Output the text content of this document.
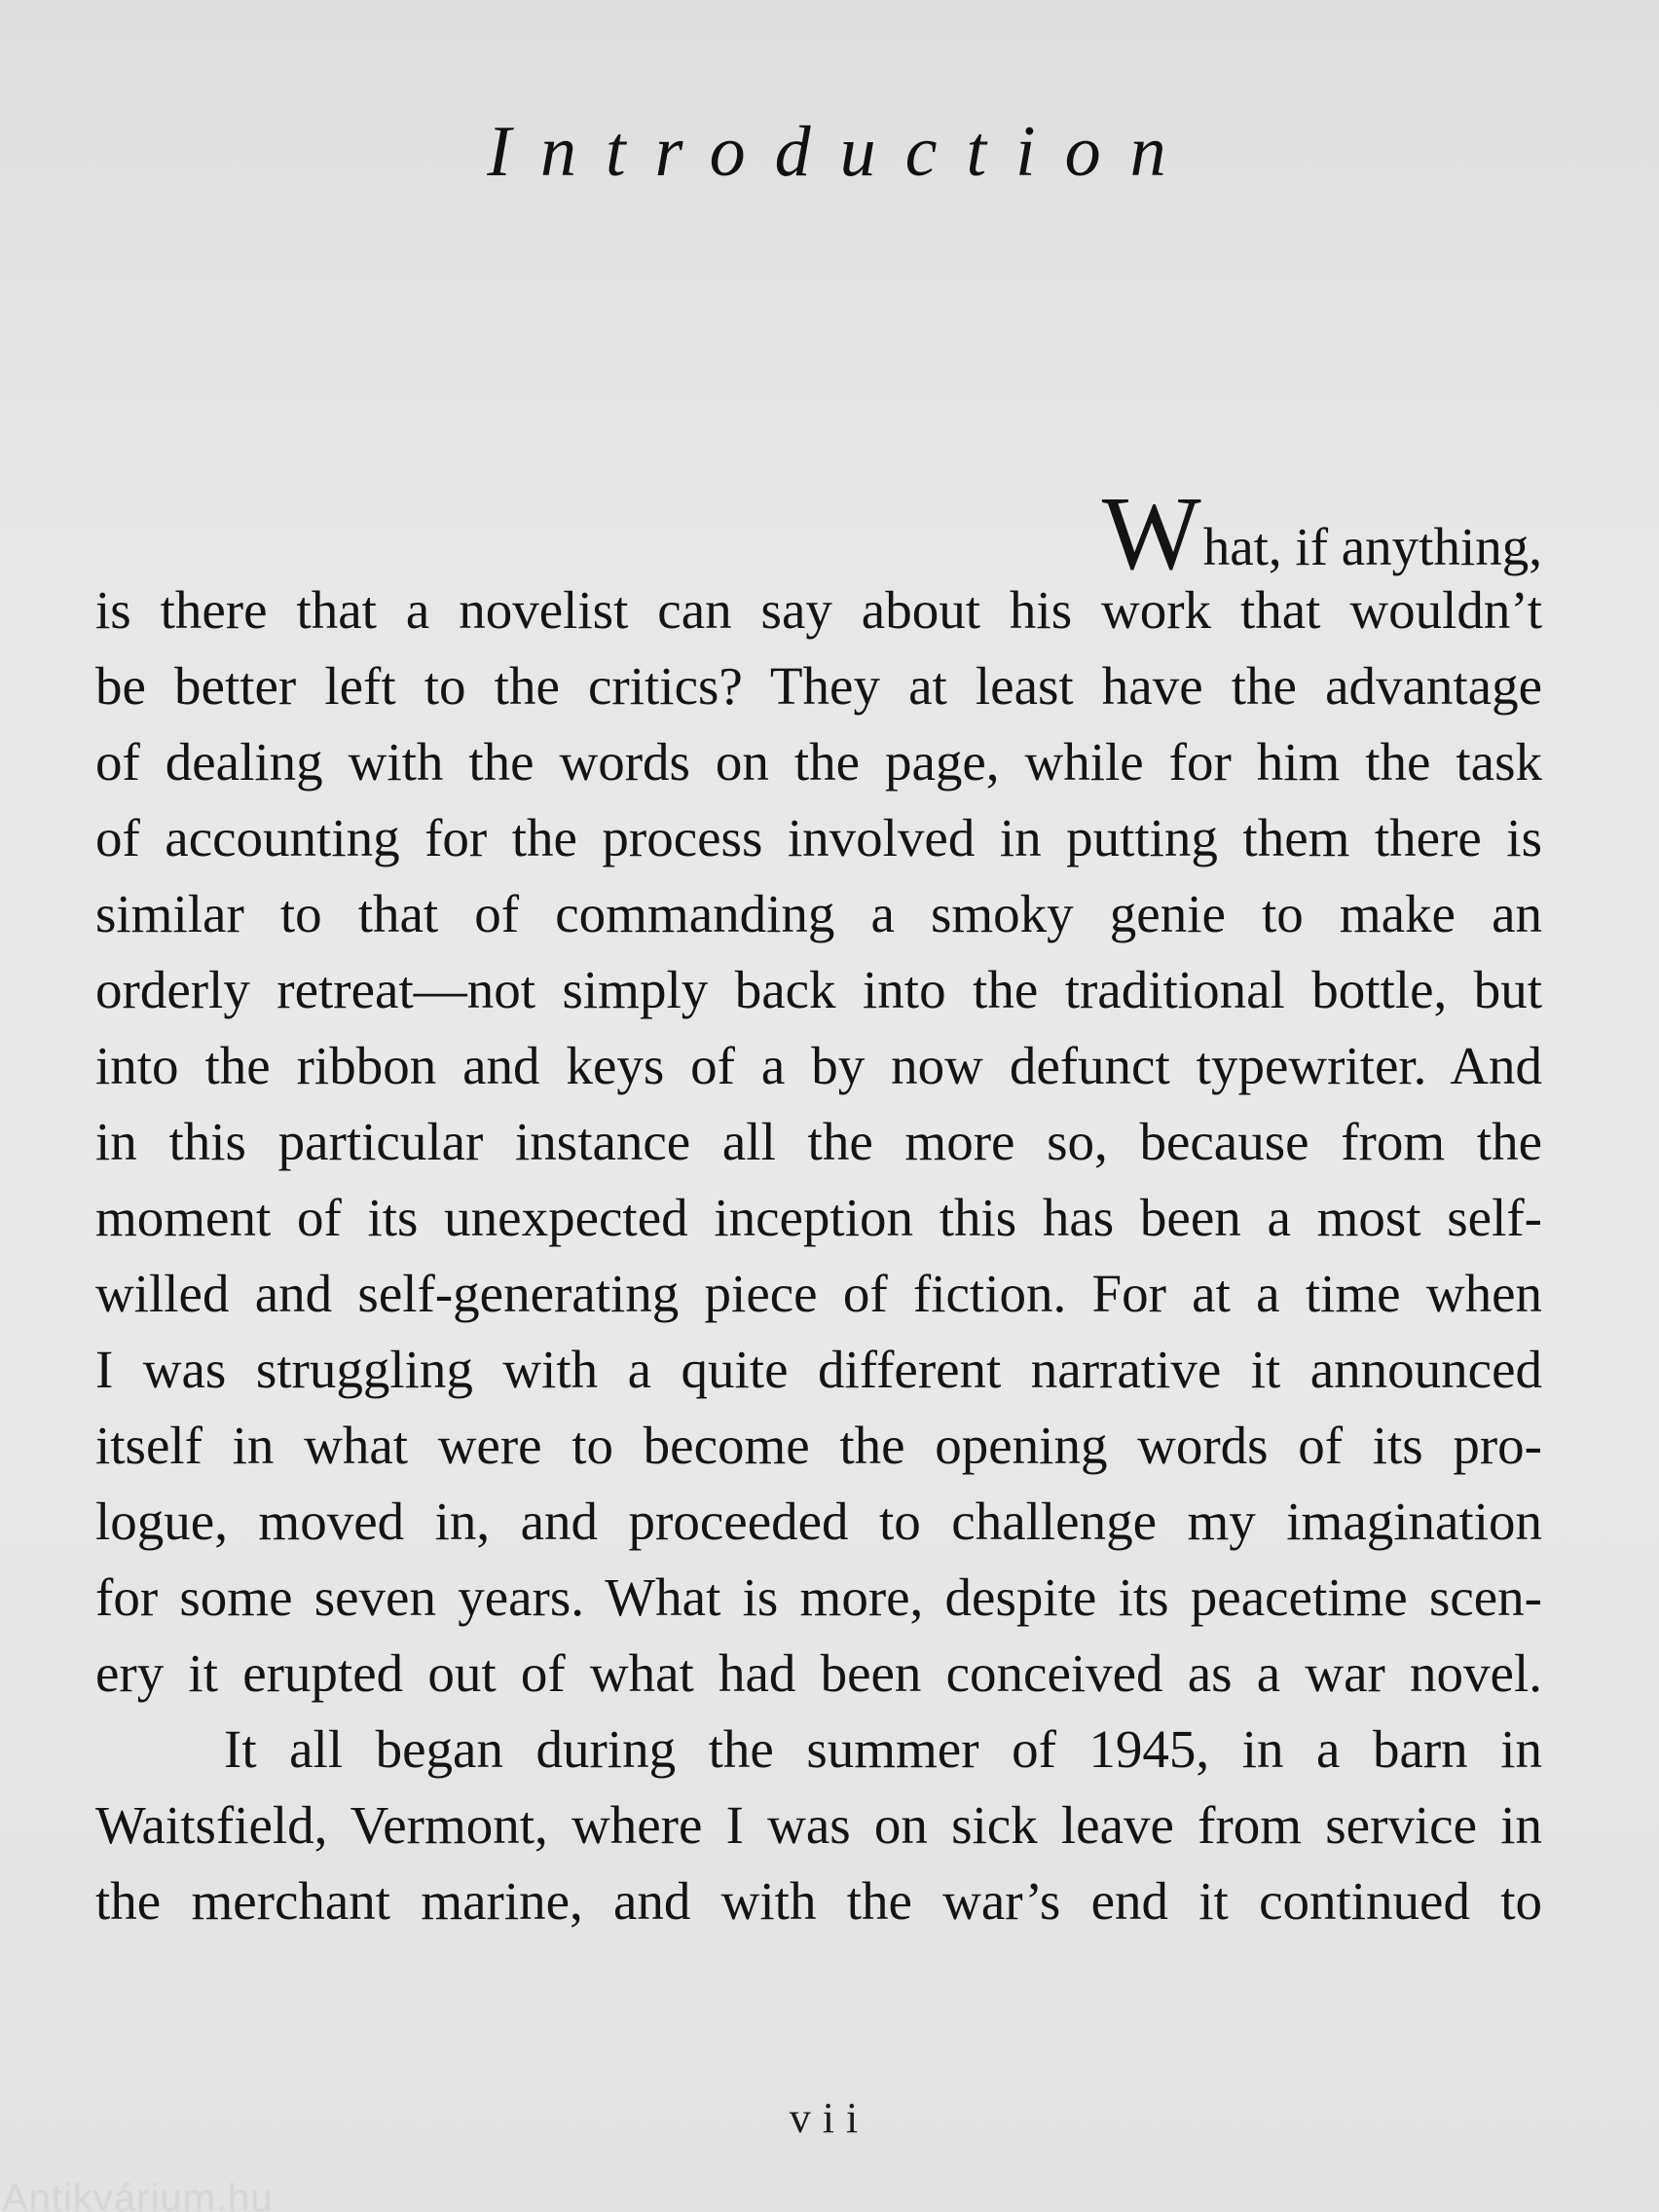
Introduction
What, if anything,
is there that a novelist can say about his work that wouldn’t
be better left to the critics? They at least have the advantage
of dealing with the words on the page, while for him the task
of accounting for the process involved in putting them there is
similar to that of commanding a smoky genie to make an
orderly retreat—not simply back into the traditional bottle, but
into the ribbon and keys of a by now defunct typewriter. And
in this particular instance all the more so, because from the
moment of its unexpected inception this has been a most self-
willed and self-generating piece of fiction. For at a time when
I was struggling with a quite different narrative it announced
itself in what were to become the opening words of its pro-
logue, moved in, and proceeded to challenge my imagination
for some seven years. What is more, despite its peacetime scen-
ery it erupted out of what had been conceived as a war novel.
It all began during the summer of 1945, in a barn in
Waitsfield, Vermont, where I was on sick leave from service in
the merchant marine, and with the war’s end it continued to
vii
Antikvárium.hu
